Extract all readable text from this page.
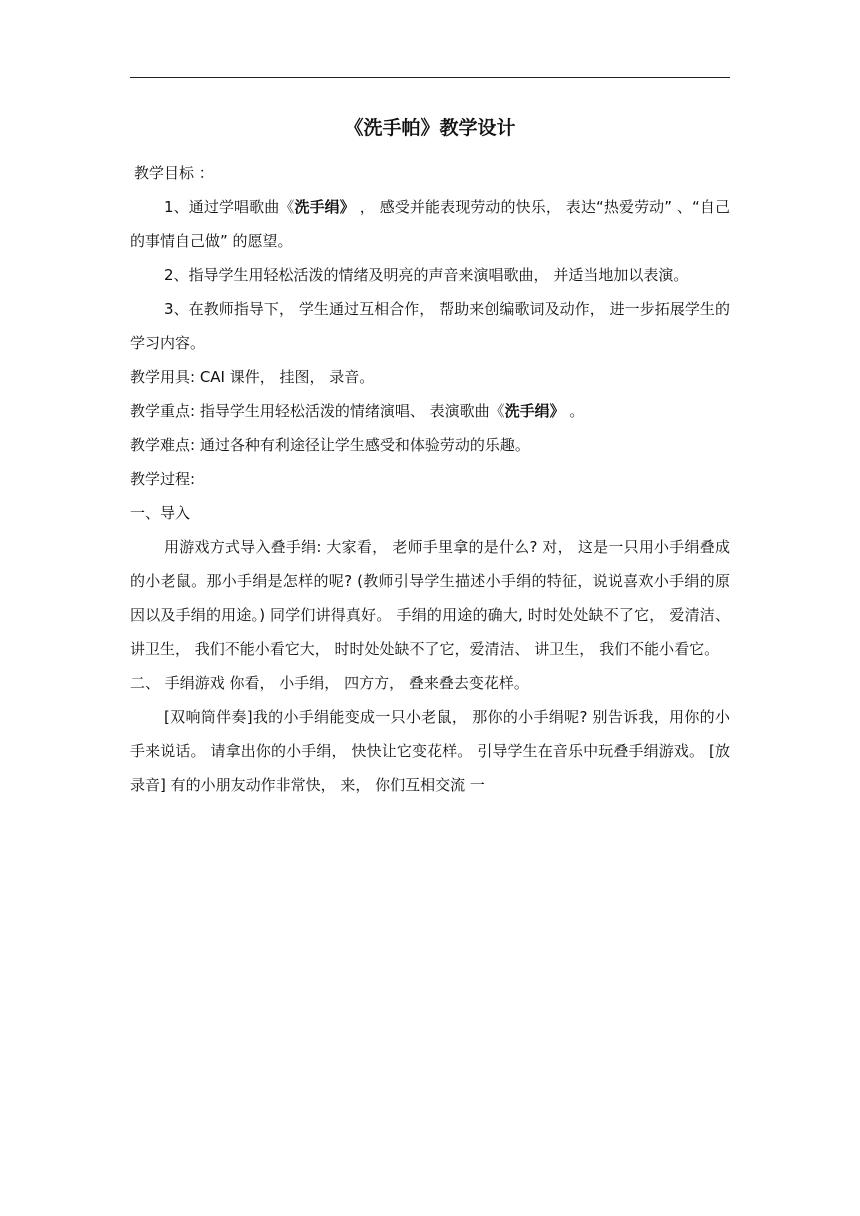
《洗手帕》教学设计

教学目标 ：

1、通过学唱歌曲《洗手绢》 ， 感受并能表现劳动的快乐， 表达“热爱劳动” 、“自己的事情自己做” 的愿望。

2、指导学生用轻松活泼的情绪及明亮的声音来演唱歌曲， 并适当地加以表演。

3、在教师指导下， 学生通过互相合作， 帮助来创编歌词及动作， 进一步拓展学生的学习内容。

教学用具: CAI 课件， 挂图， 录音。

教学重点: 指导学生用轻松活泼的情绪演唱、 表演歌曲《洗手绢》 。

教学难点: 通过各种有利途径让学生感受和体验劳动的乐趣。

教学过程:

一、导入

用游戏方式导入叠手绢: 大家看， 老师手里拿的是什么? 对， 这是一只用小手绢叠成的小老鼠。那小手绢是怎样的呢? (教师引导学生描述小手绢的特征，说说喜欢小手绢的原因以及手绢的用途。) 同学们讲得真好。 手绢的用途的确大, 时时处处缺不了它， 爱清洁、 讲卫生， 我们不能小看它大， 时时处处缺不了它，爱清洁、 讲卫生， 我们不能小看它。

二、 手绢游戏 你看， 小手绢， 四方方， 叠来叠去变花样。

[双响筒伴奏]我的小手绢能变成一只小老鼠， 那你的小手绢呢? 别告诉我，用你的小手来说话。 请拿出你的小手绢， 快快让它变花样。 引导学生在音乐中玩叠手绢游戏。 [放录音] 有的小朋友动作非常快， 来， 你们互相交流 一
